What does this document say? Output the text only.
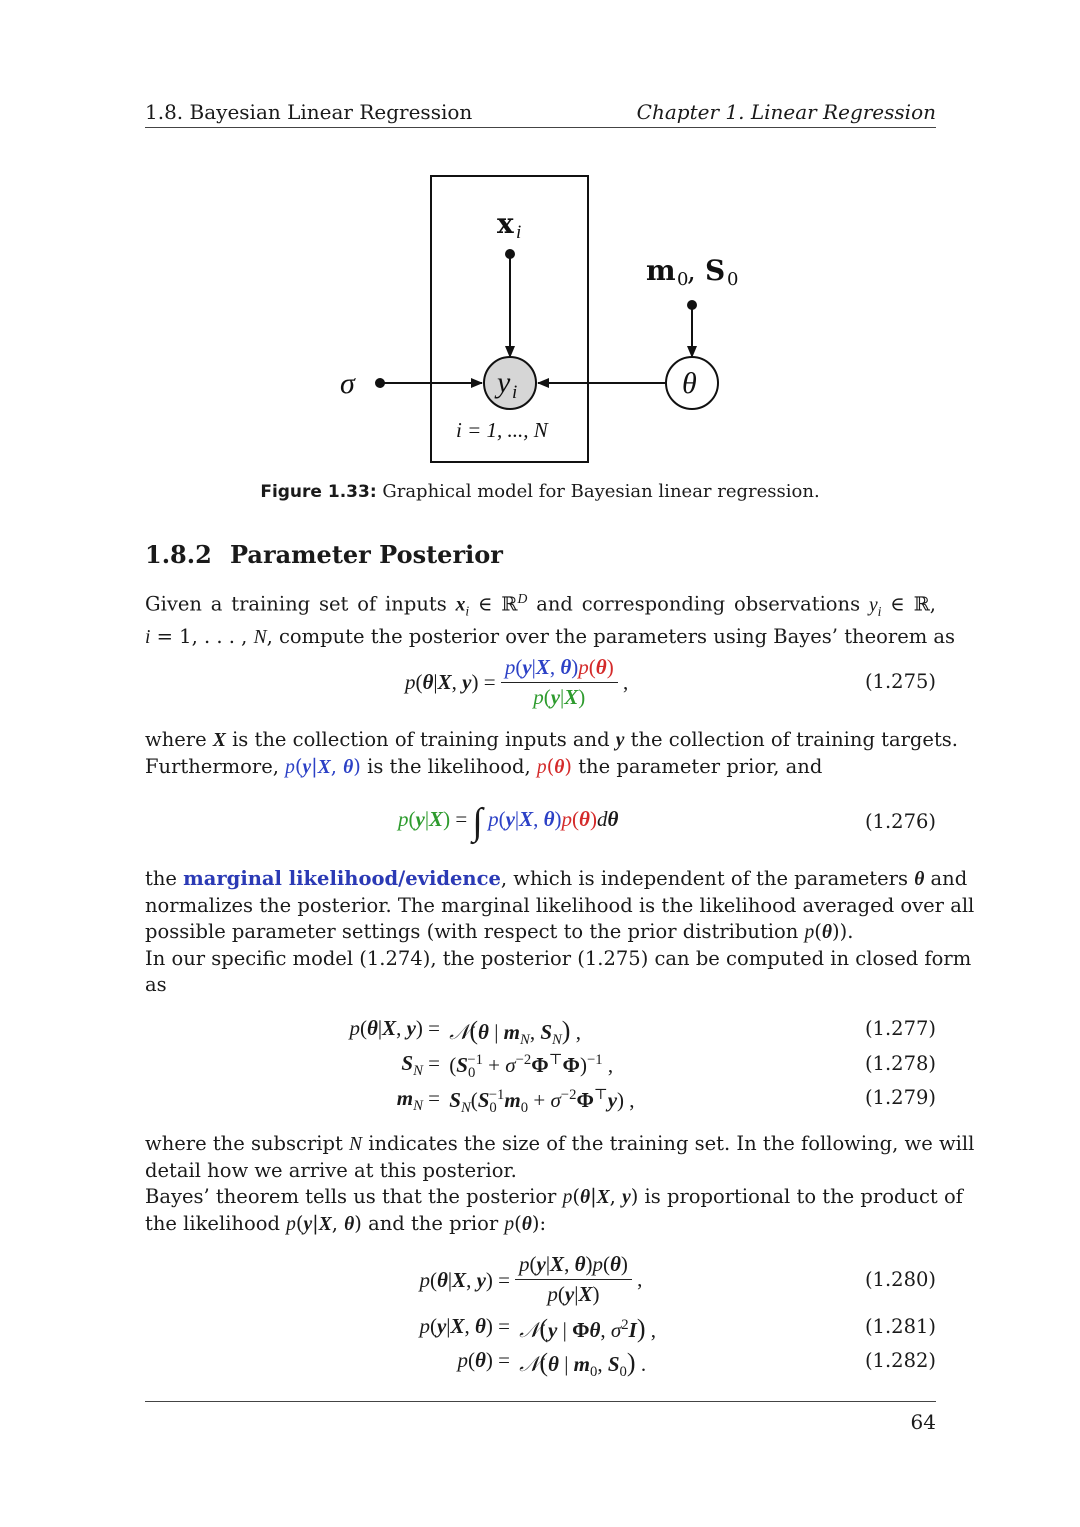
1.8. Bayesian Linear Regression	Chapter 1. Linear Regression
x i
y i	θ
σ
m 0
, S 0
i = 1, ..., N
Figure 1.33: Graphical model for Bayesian linear regression.
1.8.2 Parameter Posterior
Given a training set of inputs $x_i$ ∈ ℝ$^D$ and corresponding observations $y_i$ ∈ ℝ,
i = 1, . . . , N, compute the posterior over the parameters using Bayes’ theorem as
p(θ|X, $y) = \frac{p(y|X, \theta)p(\theta)}{p(y|X)}$ ,	(1.275)
where X is the collection of training inputs and y the collection of training targets.
Furthermore, p(y|X, θ) is the likelihood, p(θ) the parameter prior, and
p(y|X) = ∫ p(y|X, θ)p(θ)dθ	(1.276)
the marginal likelihood/evidence, which is independent of the parameters θ and
normalizes the posterior. The marginal likelihood is the likelihood averaged over all
possible parameter settings (with respect to the prior distribution p(θ)).
In our specific model (1.274), the posterior (1.275) can be computed in closed form
as
p(θ|X, y) = 𝒩(θ | $m_N$, $S_N$) ,	(1.277)
$S_N = (S_0^{-1} + \sigma^{-2}\Phi^⊤\Phi)^{-1}$ ,	(1.278)
$m_N = S_N(S_0^{-1}m_0 + \sigma^{-2}\Phi^⊤y)$ ,	(1.279)
where the subscript N indicates the size of the training set. In the following, we will
detail how we arrive at this posterior.
Bayes’ theorem tells us that the posterior p(θ|X, y) is proportional to the product of
the likelihood p(y|X, θ) and the prior p(θ):
p(θ|X, $y) = \frac{p(y|X, \theta)p(\theta)}{p(y|X)}$ ,	(1.280)
p(y|X, θ) = 𝒩(y | Φθ, $\sigma^2I$) ,	(1.281)
p(θ) = 𝒩(θ | $m_0$, $S_0$) .	(1.282)
64
